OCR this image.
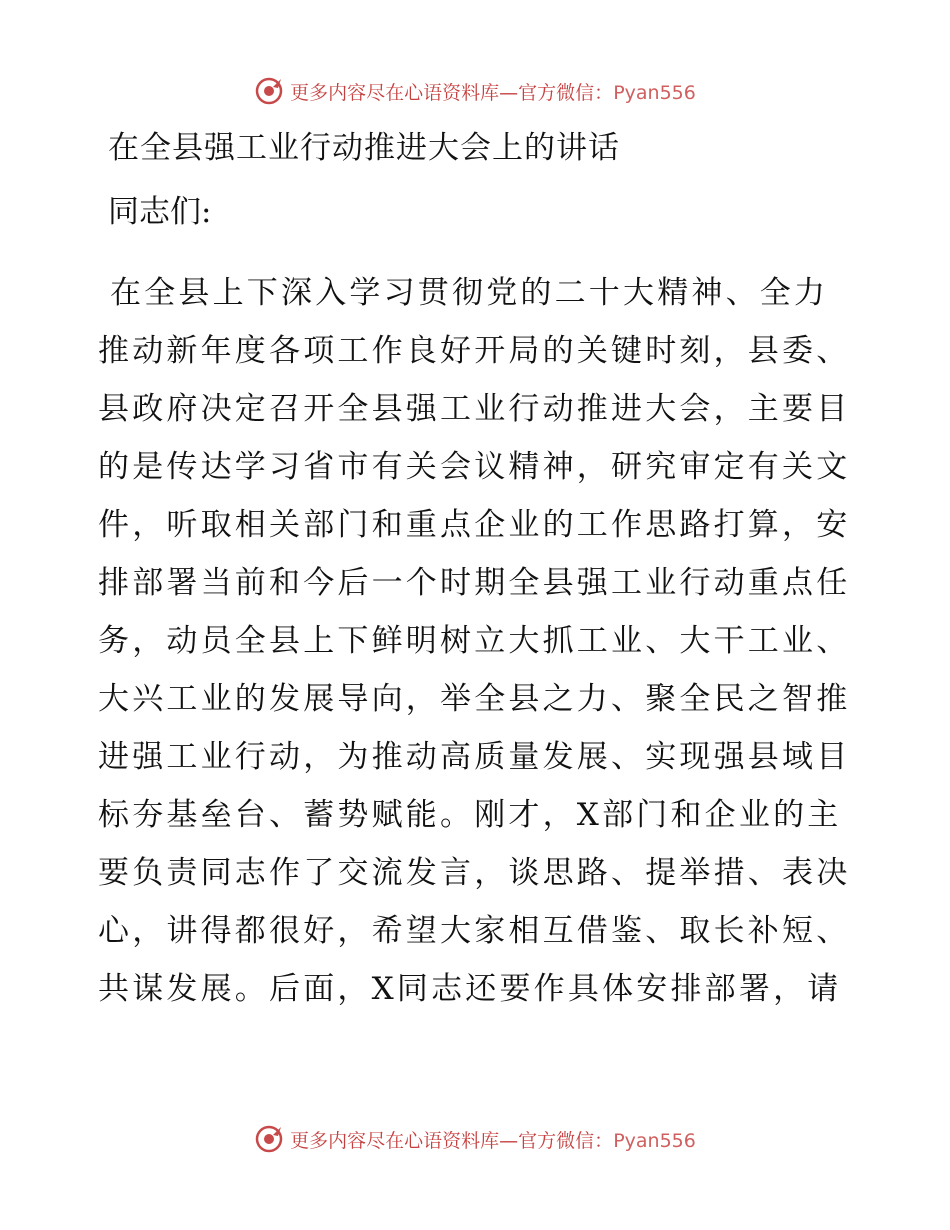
更多内容尽在心语资料库—官方微信：Pyan556
在全县强工业行动推进大会上的讲话

同志们:

在全县上下深入学习贯彻党的二十大精神、全力

推动新年度各项工作良好开局的关键时刻，县委、

县政府决定召开全县强工业行动推进大会，主要目

的是传达学习省市有关会议精神，研究审定有关文

件，听取相关部门和重点企业的工作思路打算，安

排部署当前和今后一个时期全县强工业行动重点任

务，动员全县上下鲜明树立大抓工业、大干工业、

大兴工业的发展导向，举全县之力、聚全民之智推

进强工业行动，为推动高质量发展、实现强县域目

标夯基垒台、蓄势赋能。刚才，X部门和企业的主

要负责同志作了交流发言，谈思路、提举措、表决

心，讲得都很好，希望大家相互借鉴、取长补短、

共谋发展。后面，X同志还要作具体安排部署，请

更多内容尽在心语资料库—官方微信：Pyan556
